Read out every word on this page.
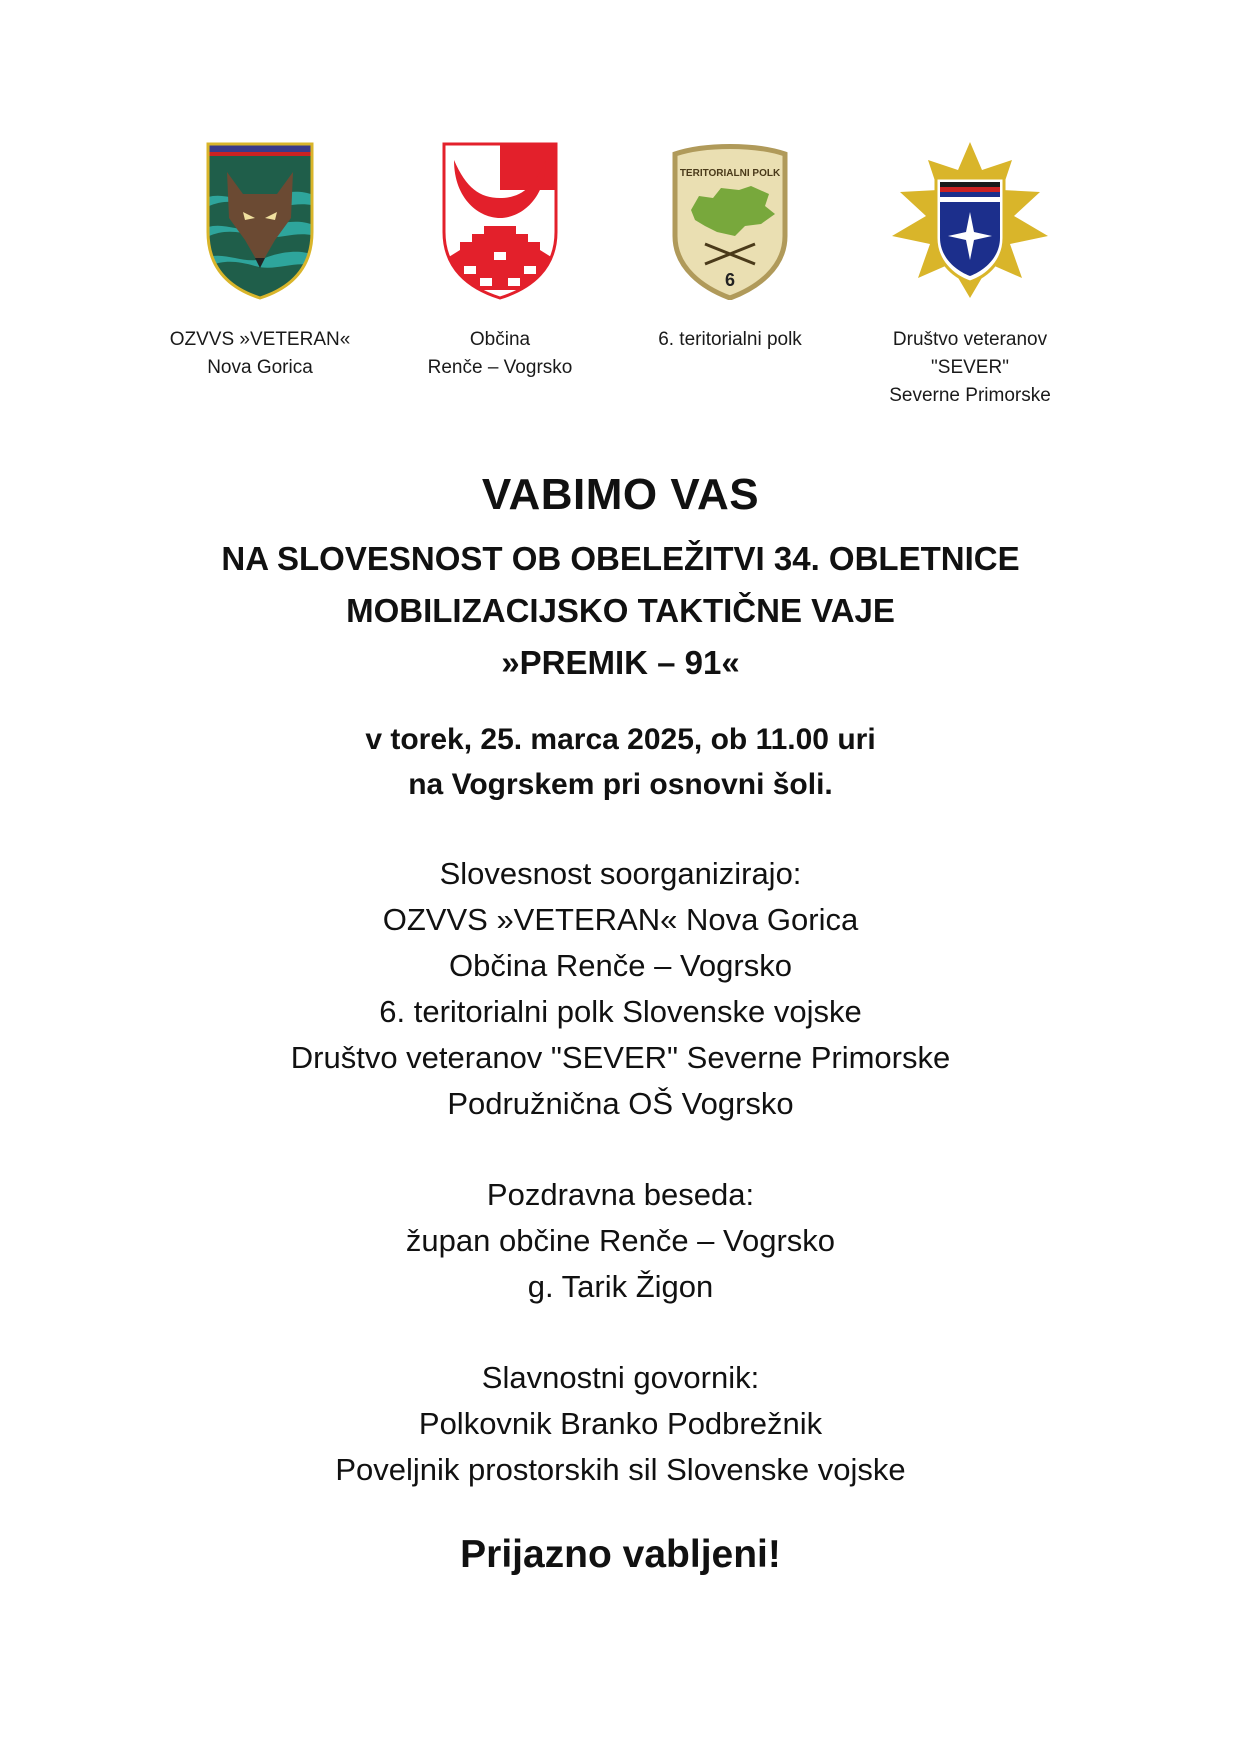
OZVVS »VETERAN«
Nova Gorica
Občina
Renče – Vogrsko
TERITORIALNI POLK
6
6. teritorialni polk	Društvo veteranov
"SEVER"
Severne Primorske
VABIMO VAS
NA SLOVESNOST OB OBELEŽITVI 34. OBLETNICE
MOBILIZACIJSKO TAKTIČNE VAJE
»PREMIK – 91«
v torek, 25. marca 2025, ob 11.00 uri
na Vogrskem pri osnovni šoli.
Slovesnost soorganizirajo:
OZVVS »VETERAN« Nova Gorica
Občina Renče – Vogrsko
6. teritorialni polk Slovenske vojske
Društvo veteranov "SEVER" Severne Primorske
Podružnična OŠ Vogrsko
Pozdravna beseda:
župan občine Renče – Vogrsko
g. Tarik Žigon
Slavnostni govornik:
Polkovnik Branko Podbrežnik
Poveljnik prostorskih sil Slovenske vojske
Prijazno vabljeni!
